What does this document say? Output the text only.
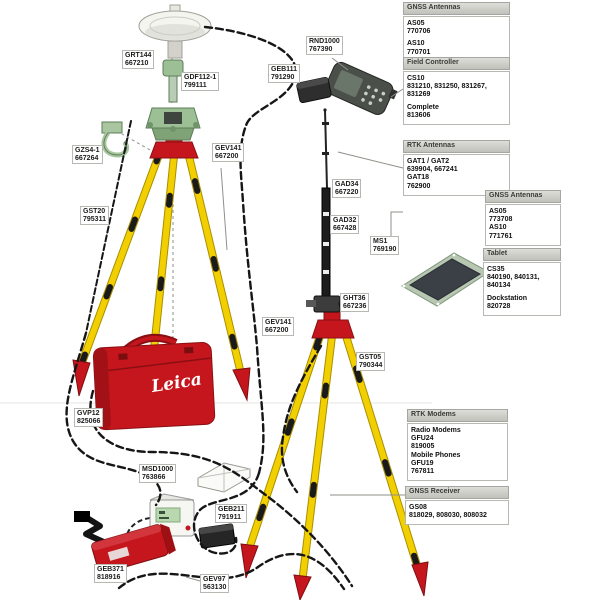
Leica
GRT144
667210
GDF112-1
799111
GZS4-1
667264
GEV141
667200
GST20
795311
GAD34
667220
GAD32
667428
MS1
769190
GHT36
667236
GEV141
667200
GST05
790344
GVP12
825066
RND1000
767390
GEB111
791290
MSD1000
763866
GEB211
791911
GEB371
818916	GEV97
563130
GNSS Antennas
AS05
770706
AS10
770701
Field Controller
CS10
831210, 831250, 831267,
831269
Complete
813606
RTK Antennas
GAT1 / GAT2
639904, 667241
GAT18
762900
GNSS Antennas
AS05
773708
AS10
771761
Tablet
CS35
840190, 840131,
840134
Dockstation
820728
RTK Modems
Radio Modems
GFU24
819005
Mobile Phones
GFU19
767811
GNSS Receiver
GS08
818029, 808030, 808032
